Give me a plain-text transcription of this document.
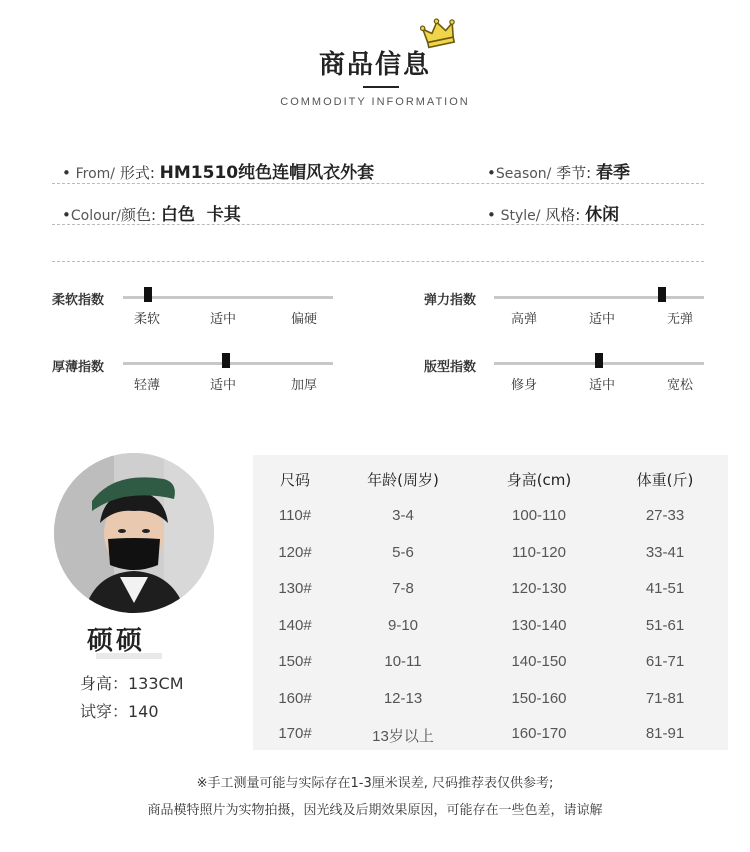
商品信息
COMMODITY INFORMATION
• From/ 形式: HM1510纯色连帽风衣外套	•Season/ 季节: 春季
•Colour/颜色: 白色  卡其	• Style/ 风格: 休闲
柔软指数
柔软	适中	偏硬
弹力指数
高弹	适中	无弹
厚薄指数
轻薄	适中	加厚
版型指数
修身	适中	宽松
硕硕
身高：133CM
试穿：140
尺码	年龄(周岁)	身高(cm)	体重(斤)
110#	3-4	100-110	27-33
120#	5-6	110-120	33-41
130#	7-8	120-130	41-51
140#	9-10	130-140	51-61
150#	10-11	140-150	61-71
160#	12-13	150-160	71-81
170#	13岁以上	160-170	81-91
※手工测量可能与实际存在1-3厘米误差, 尺码推荐表仅供参考;
商品模特照片为实物拍摄，因光线及后期效果原因，可能存在一些色差，请谅解
